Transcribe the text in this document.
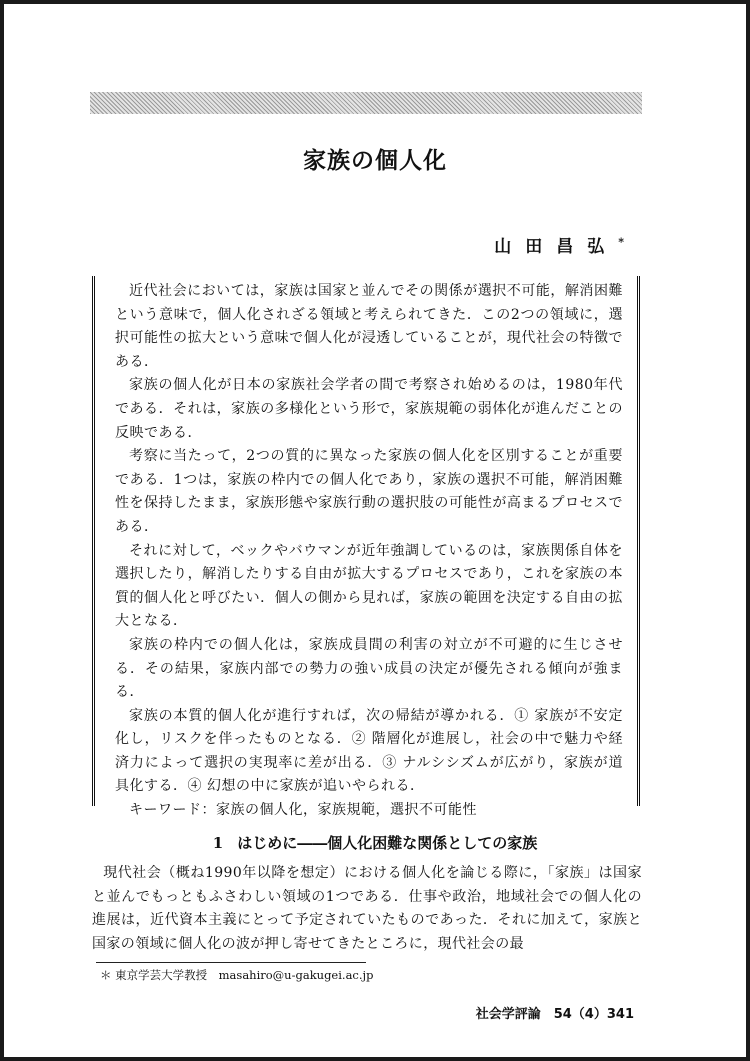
家族の個人化
山田昌弘*

近代社会においては，家族は国家と並んでその関係が選択不可能，解消困難という意味で，個人化されざる領域と考えられてきた．この2つの領域に，選択可能性の拡大という意味で個人化が浸透していることが，現代社会の特徴である．

家族の個人化が日本の家族社会学者の間で考察され始めるのは，1980年代である．それは，家族の多様化という形で，家族規範の弱体化が進んだことの反映である．

考察に当たって，2つの質的に異なった家族の個人化を区別することが重要である．1つは，家族の枠内での個人化であり，家族の選択不可能，解消困難性を保持したまま，家族形態や家族行動の選択肢の可能性が高まるプロセスである．

それに対して，ベックやバウマンが近年強調しているのは，家族関係自体を選択したり，解消したりする自由が拡大するプロセスであり，これを家族の本質的個人化と呼びたい．個人の側から見れば，家族の範囲を決定する自由の拡大となる．

家族の枠内での個人化は，家族成員間の利害の対立が不可避的に生じさせる．その結果，家族内部での勢力の強い成員の決定が優先される傾向が強まる．

家族の本質的個人化が進行すれば，次の帰結が導かれる．① 家族が不安定化し，リスクを伴ったものとなる．② 階層化が進展し，社会の中で魅力や経済力によって選択の実現率に差が出る．③ ナルシシズムが広がり，家族が道具化する．④ 幻想の中に家族が追いやられる．

キーワード：家族の個人化，家族規範，選択不可能性
1 はじめに――個人化困難な関係としての家族

現代社会（概ね1990年以降を想定）における個人化を論じる際に，「家族」は国家と並んでもっともふさわしい領域の1つである．仕事や政治，地域社会での個人化の進展は，近代資本主義にとって予定されていたものであった．それに加えて，家族と国家の領域に個人化の波が押し寄せてきたところに，現代社会の最

＊ 東京学芸大学教授　masahiro@u-gakugei.ac.jp
社会学評論　54（4）341
